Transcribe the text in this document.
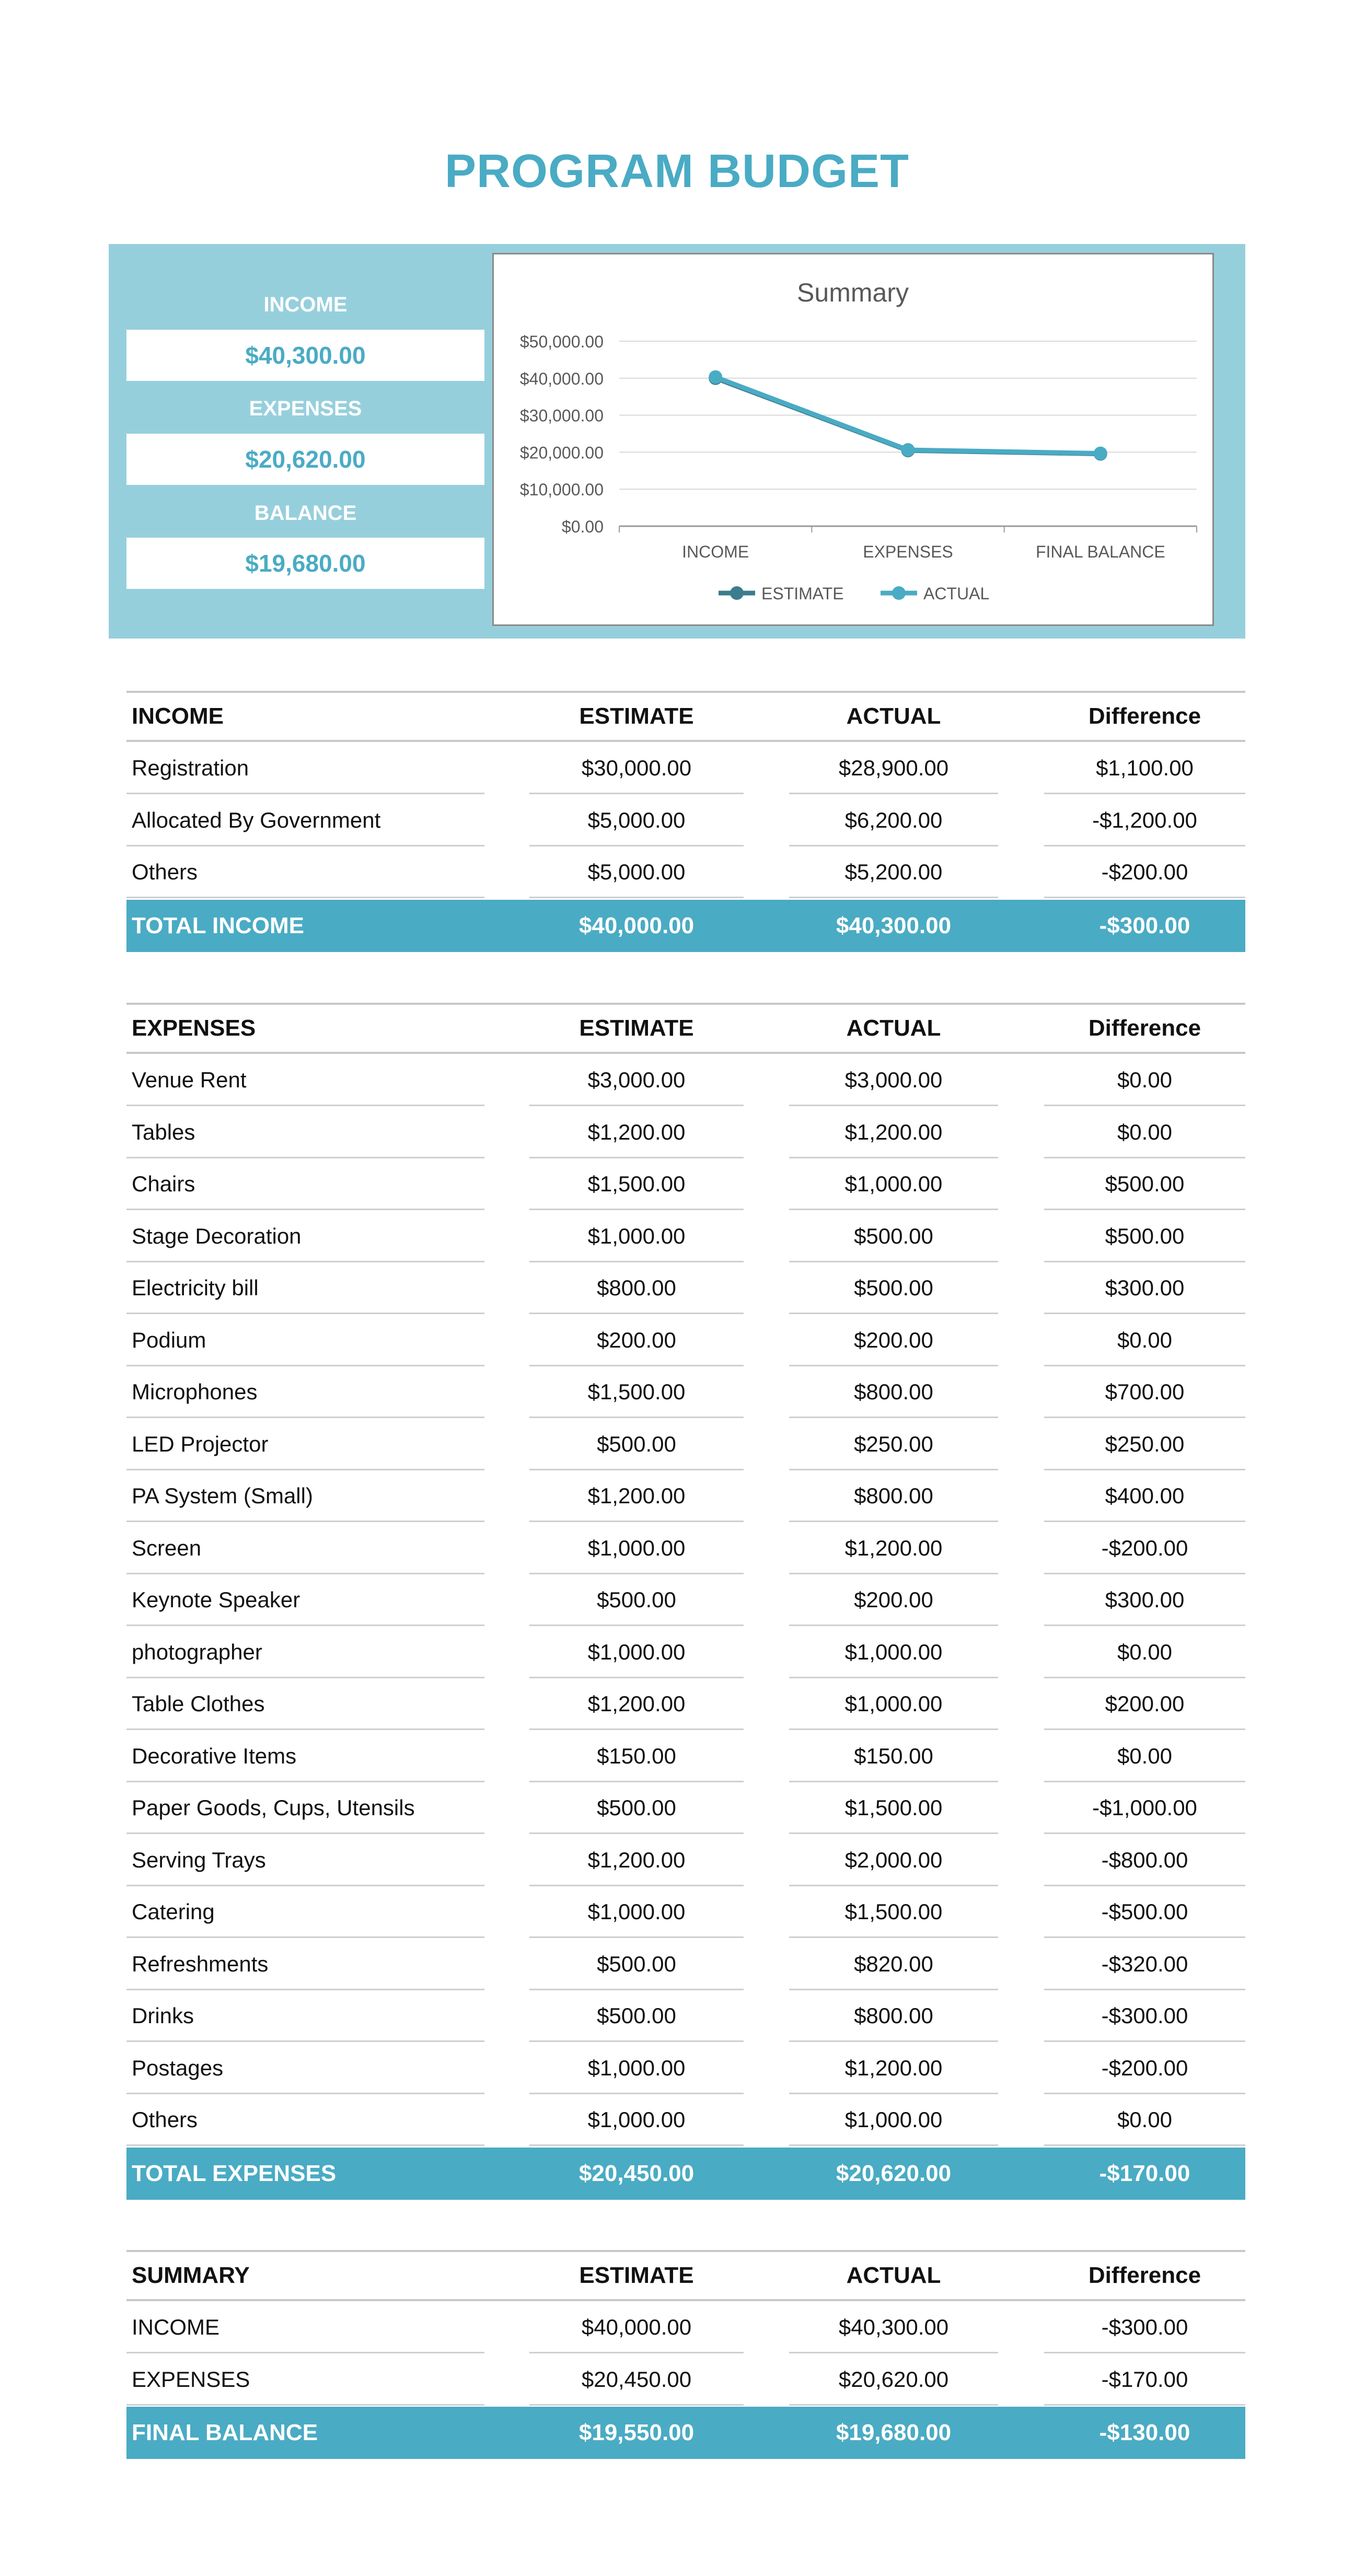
PROGRAM BUDGET
INCOME
$40,300.00
EXPENSES
$20,620.00
BALANCE
$19,680.00
Summary
$0.00
$10,000.00
$20,000.00
$30,000.00
$40,000.00
$50,000.00
INCOME	EXPENSES	FINAL BALANCE
ESTIMATE	ACTUAL
INCOME	ESTIMATE	ACTUAL	Difference
Registration	$30,000.00	$28,900.00	$1,100.00
Allocated By Government	$5,000.00	$6,200.00	-$1,200.00
Others	$5,000.00	$5,200.00	-$200.00
TOTAL INCOME	$40,000.00	$40,300.00	-$300.00
EXPENSES	ESTIMATE	ACTUAL	Difference
Venue Rent	$3,000.00	$3,000.00	$0.00
Tables	$1,200.00	$1,200.00	$0.00
Chairs	$1,500.00	$1,000.00	$500.00
Stage Decoration	$1,000.00	$500.00	$500.00
Electricity bill	$800.00	$500.00	$300.00
Podium	$200.00	$200.00	$0.00
Microphones	$1,500.00	$800.00	$700.00
LED Projector	$500.00	$250.00	$250.00
PA System (Small)	$1,200.00	$800.00	$400.00
Screen	$1,000.00	$1,200.00	-$200.00
Keynote Speaker	$500.00	$200.00	$300.00
photographer	$1,000.00	$1,000.00	$0.00
Table Clothes	$1,200.00	$1,000.00	$200.00
Decorative Items	$150.00	$150.00	$0.00
Paper Goods, Cups, Utensils	$500.00	$1,500.00	-$1,000.00
Serving Trays	$1,200.00	$2,000.00	-$800.00
Catering	$1,000.00	$1,500.00	-$500.00
Refreshments	$500.00	$820.00	-$320.00
Drinks	$500.00	$800.00	-$300.00
Postages	$1,000.00	$1,200.00	-$200.00
Others	$1,000.00	$1,000.00	$0.00
TOTAL EXPENSES	$20,450.00	$20,620.00	-$170.00
SUMMARY	ESTIMATE	ACTUAL	Difference
INCOME	$40,000.00	$40,300.00	-$300.00
EXPENSES	$20,450.00	$20,620.00	-$170.00
FINAL BALANCE	$19,550.00	$19,680.00	-$130.00
